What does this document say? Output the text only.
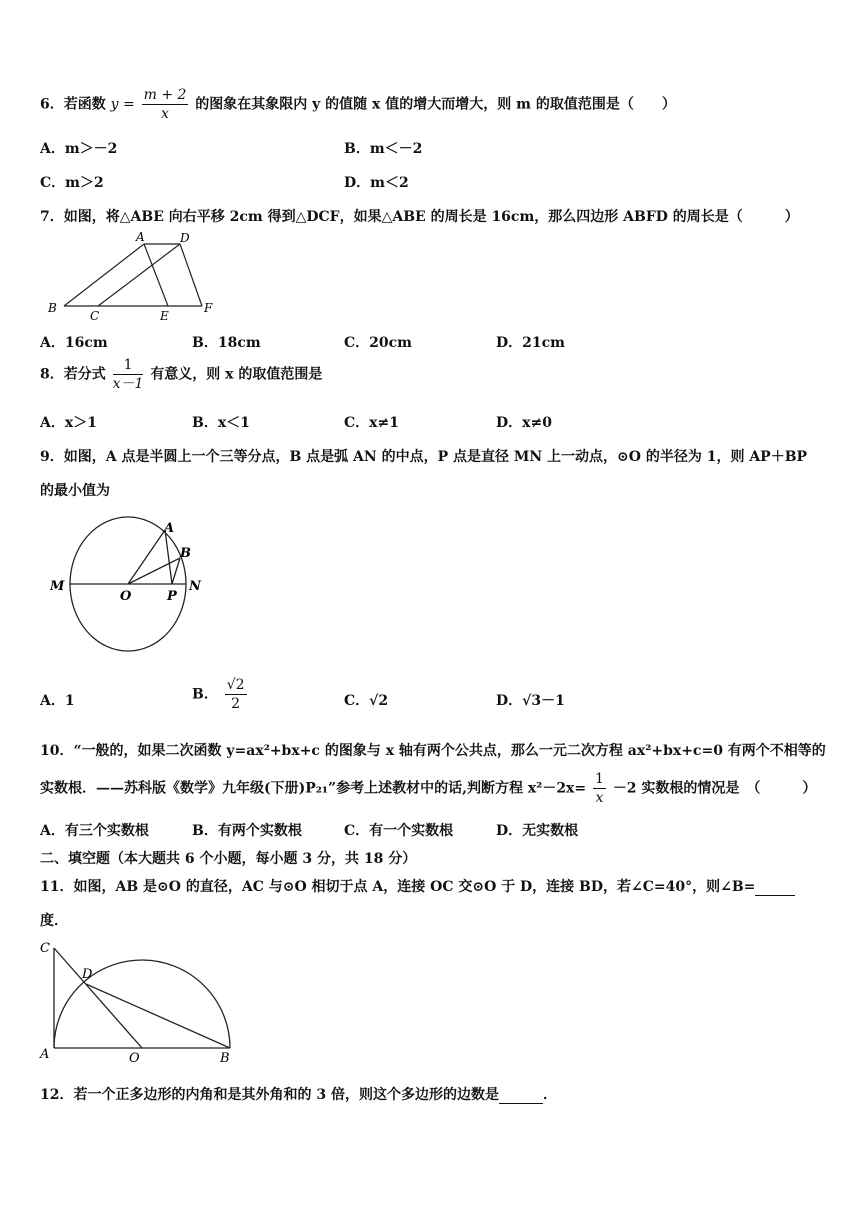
6．若函数 $y = \frac{m + 2}{x}$ 的图象在其象限内 y 的值随 x 值的增大而增大，则 m 的取值范围是（　　）
A．m＞－2	B．m＜－2
C．m＞2	D．m＜2
7．如图，将△ABE 向右平移 2cm 得到△DCF，如果△ABE 的周长是 16cm，那么四边形 ABFD 的周长是（　　　）
A	D
B
C	E
F
A．16cm	B．18cm	C．20cm	D．21cm
8．若分式 $\frac{1}{x-1}$ 有意义，则 x 的取值范围是
A．x＞1	B．x＜1	C．x≠1	D．x≠0
9．如图，A 点是半圆上一个三等分点，B 点是弧 AN 的中点，P 点是直径 MN 上一动点，⊙O 的半径为 1，则 AP＋BP
的最小值为
A
B
M
O	P
N
A．1	B． $\frac{√2}{2}$	C．√2	D．√3－1
10．“一般的，如果二次函数 y=ax²+bx+c 的图象与 x 轴有两个公共点，那么一元二次方程 ax²+bx+c=0 有两个不相等的
实数根．——苏科版《数学》九年级(下册)P₂₁”参考上述教材中的话,判断方程 $x^2-2x= \frac{1}{x} -2$ 实数根的情况是　（　　　）
A．有三个实数根	B．有两个实数根	C．有一个实数根	D．无实数根
二、填空题（本大题共 6 个小题，每小题 3 分，共 18 分）
11．如图，AB 是⊙O 的直径，AC 与⊙O 相切于点 A，连接 OC 交⊙O 于 D，连接 BD，若∠C=40°，则∠B=
度．
C
D
A	O	B
12．若一个正多边形的内角和是其外角和的 3 倍，则这个多边形的边数是	．
